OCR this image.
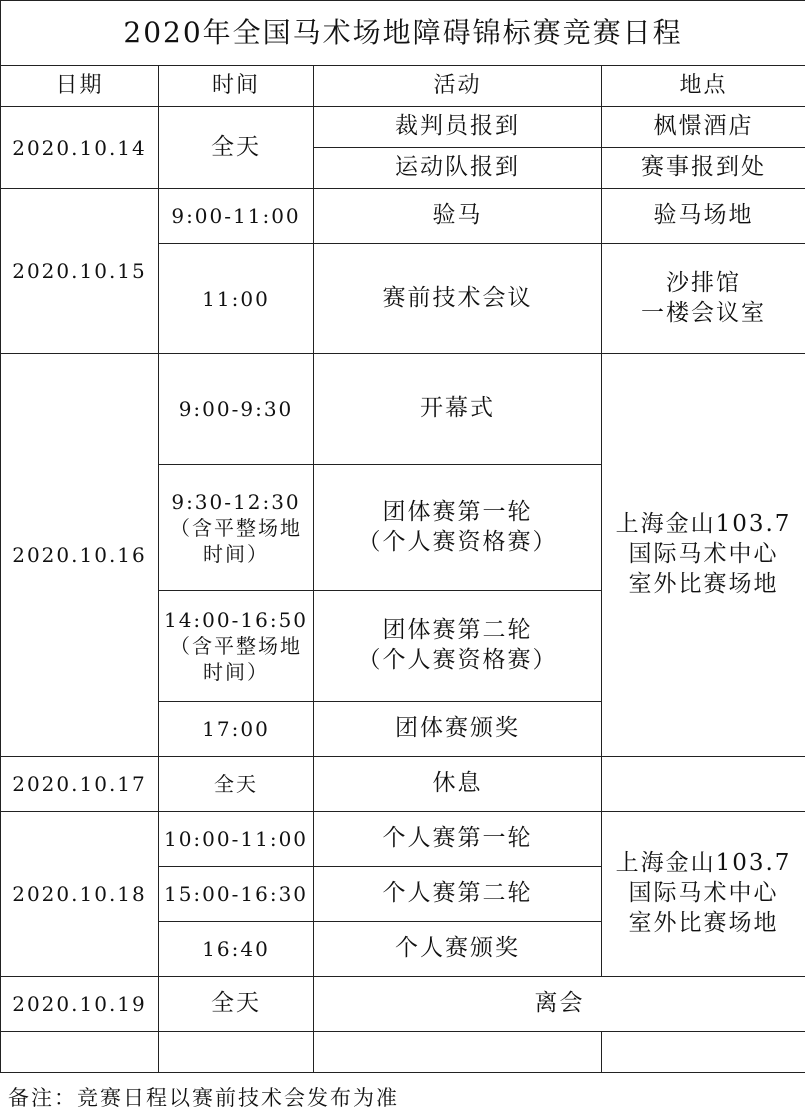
2020年全国马术场地障碍锦标赛竞赛日程			
日期	时间	活动	地点
2020.10.14	全天	裁判员报到	枫憬酒店
		运动队报到	赛事报到处
2020.10.15	9:00-11:00	验马	验马场地
	11:00	赛前技术会议	沙排馆
一楼会议室

2020.10.16	9:00-9:30	开幕式	上海金山103.7
国际马术中心
室外比赛场地

	9:30-12:30
（含平整场地
时间）	团体赛第一轮
（个人赛资格赛）	

	14:00-16:50
（含平整场地
时间）	团体赛第二轮
（个人赛资格赛）	

	17:00	团体赛颁奖	
2020.10.17	全天	休息	
2020.10.18	10:00-11:00	个人赛第一轮	上海金山103.7
国际马术中心
室外比赛场地

	15:00-16:30	个人赛第二轮	
	16:40	个人赛颁奖	
2020.10.19	全天	离会	

备注：竞赛日程以赛前技术会发布为准
